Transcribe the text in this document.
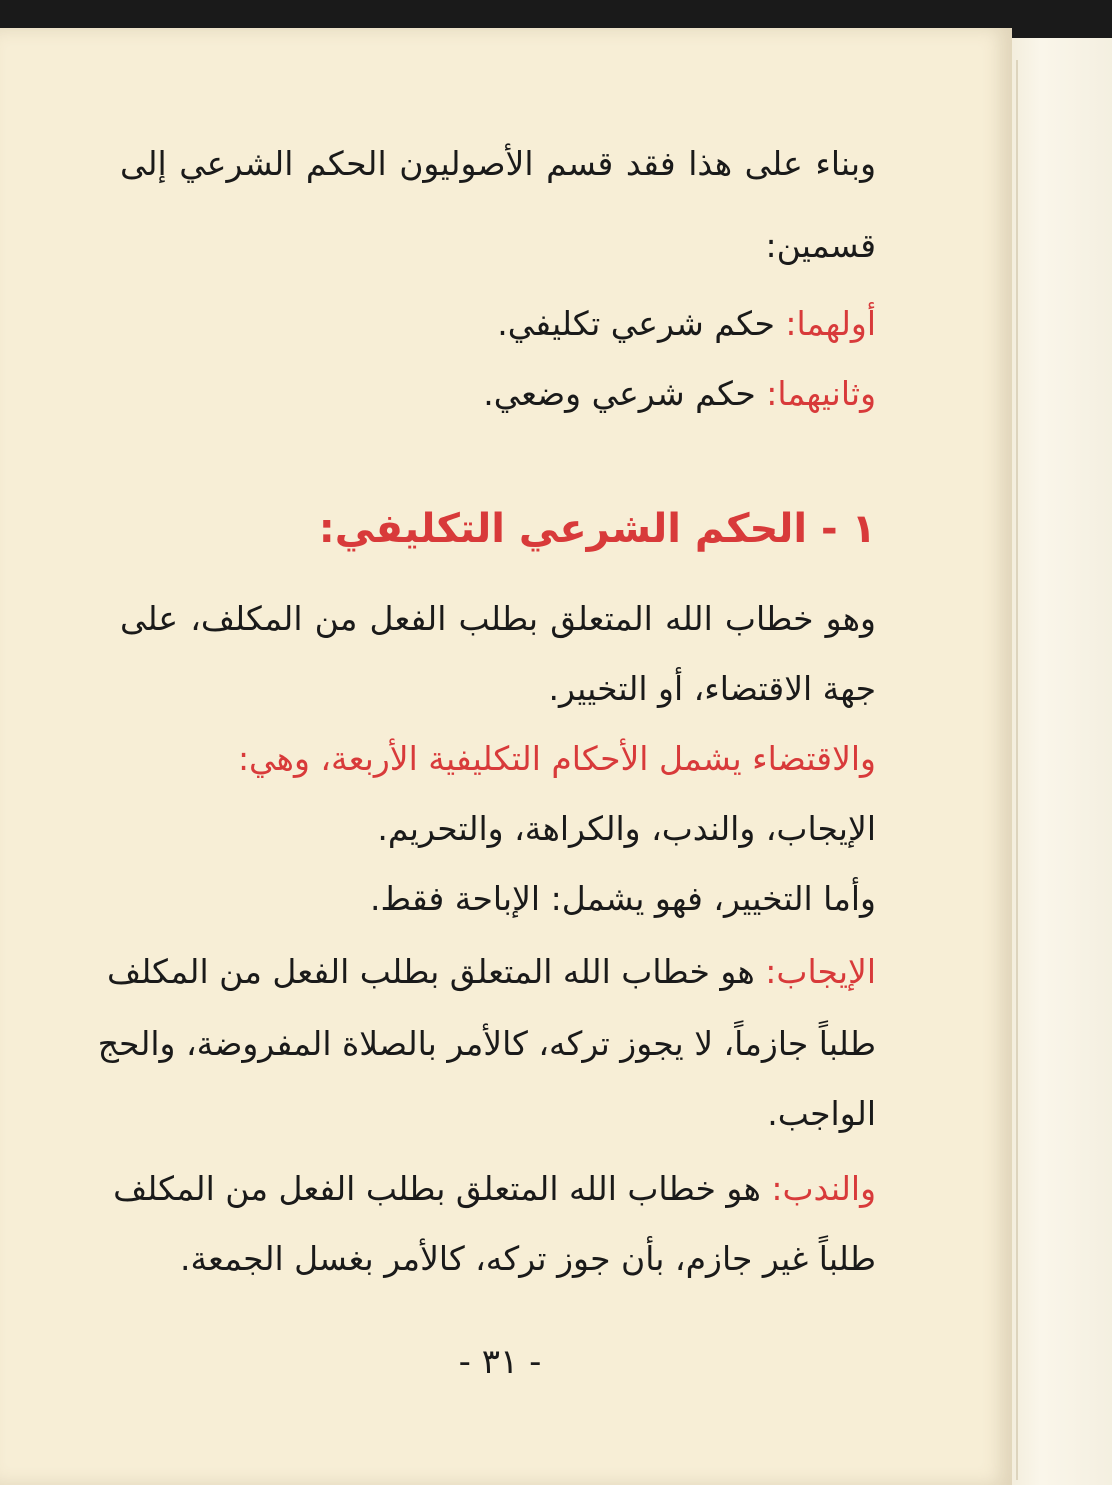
وبناء على هذا فقد قسم الأصوليون الحكم الشرعي إلى
قسمين:
أولهما: حكم شرعي تكليفي.
وثانيهما: حكم شرعي وضعي.
١ - الحكم الشرعي التكليفي:
وهو خطاب الله المتعلق بطلب الفعل من المكلف، على
جهة الاقتضاء، أو التخيير.
والاقتضاء يشمل الأحكام التكليفية الأربعة، وهي:
الإيجاب، والندب، والكراهة، والتحريم.
وأما التخيير، فهو يشمل: الإباحة فقط.
الإيجاب: هو خطاب الله المتعلق بطلب الفعل من المكلف
طلباً جازماً، لا يجوز تركه، كالأمر بالصلاة المفروضة، والحج
الواجب.
والندب: هو خطاب الله المتعلق بطلب الفعل من المكلف
طلباً غير جازم، بأن جوز تركه، كالأمر بغسل الجمعة.
- ٣١ -
